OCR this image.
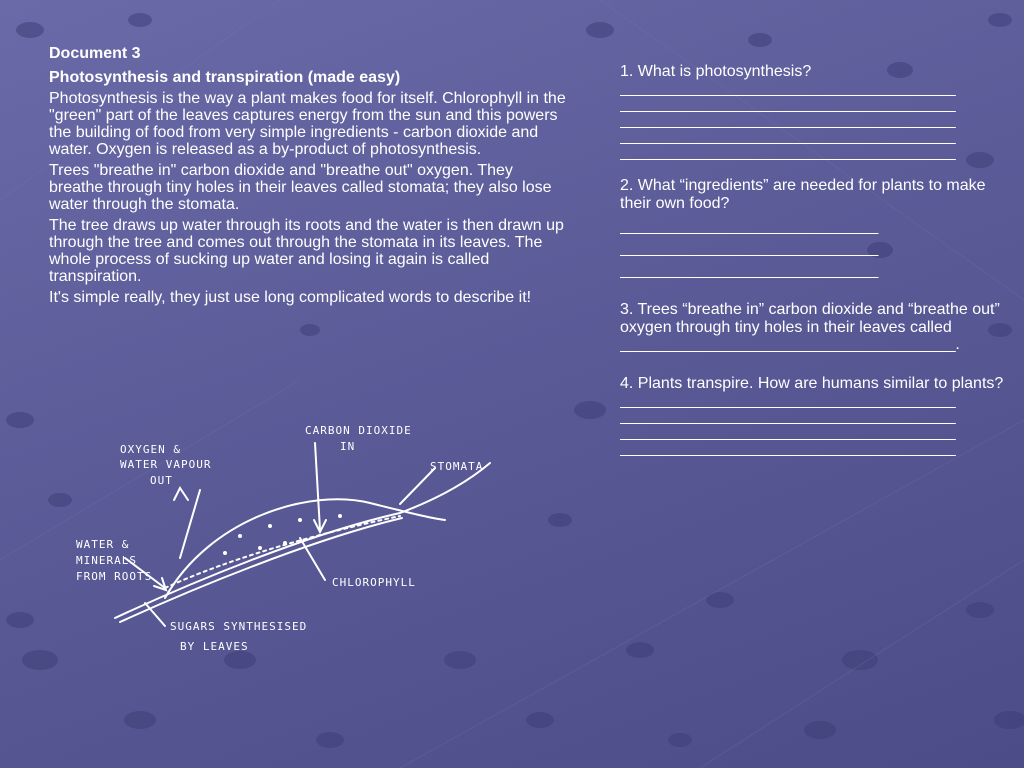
Document 3

Photosynthesis and transpiration (made easy)

Photosynthesis is the way a plant makes food for itself. Chlorophyll in the "green" part of the leaves captures energy from the sun and this powers the building of food from very simple ingredients - carbon dioxide and water. Oxygen is released as a by-product of photosynthesis.

Trees "breathe in" carbon dioxide and "breathe out" oxygen. They breathe through tiny holes in their leaves called stomata; they also lose water through the stomata.

The tree draws up water through its roots and the water is then drawn up through the tree and comes out through the stomata in its leaves. The whole process of sucking up water and losing it again is called transpiration.

It's simple really, they just use long complicated words to describe it!

OXYGEN &
WATER VAPOUR
OUT
CARBON DIOXIDE
IN
STOMATA
WATER &
MINERALS
FROM ROOTS	CHLOROPHYLL
SUGARS SYNTHESISED
BY LEAVES

1. What is photosynthesis?

_______________________________________

_______________________________________

_______________________________________

_______________________________________

_______________________________________

2. What “ingredients” are needed for plants to make their own food?

______________________________

______________________________

______________________________

3. Trees “breathe in” carbon dioxide and “breathe out” oxygen through tiny holes in their leaves called

_______________________________________.

4. Plants transpire. How are humans similar to plants?

_______________________________________

_______________________________________

_______________________________________

_______________________________________
